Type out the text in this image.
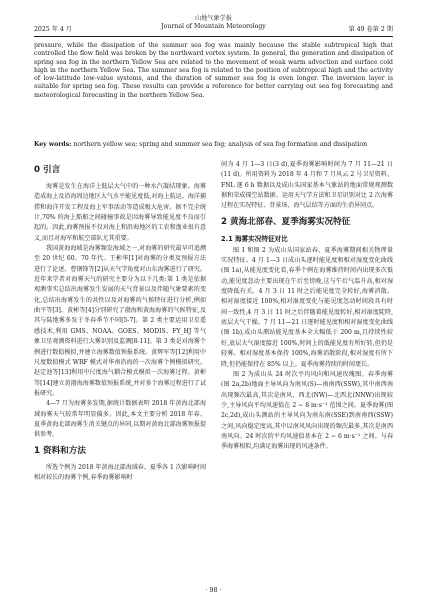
2025 年 4 月
山地气象学报
Journal of Mountain Meteorology	第 49 卷第 2 期

pressure, while the dissipation of the summer sea fog was mainly because the stable subtropical high that controlled the flow field was broken by the northward vortex system. In general, the generation and dissipation of spring sea fog in the northern Yellow Sea are related to the movement of weak warm advection and surface cold high in the northern Yellow Sea. The summer sea fog is related to the position of subtropical high and the activity of low-latitude low-value systems, and the duration of summer sea fog is even longer. The inversion layer is suitable for spring sea fog. These results can provide a reference for better carrying out sea fog forecasting and meteorological forecasting in the northern Yellow Sea.

Key words: northern yellow sea; spring and summer sea fog; analysis of sea fog formation and dissipation
0 引言

海雾是发生在海洋上低层大气中的一种水汽凝结现象。海雾造成海上及沿海周边地区大气水平能见度低,对海上航运、海洋捕捞和海洋开发工程及海上军事活动等造成极大危害。据不完全统计,70% 的海上船舶之间碰撞事故是因海雾导致能见度不良而引起的。因此,海雾预报不仅对海上和沿海地区的工农和渔业很有意义,而且对海军和航空部队尤其重要。

我国黄海海域是海雾频发海域之一,对海雾的研究最早可追溯至 20 世纪 60、70 年代。王彬华[1]对海雾的分类及预报方法进行了论述。曹钢锋等[2]从天气学角度对山东海雾进行了研究。近年来学者对海雾天气的研究主要分为以下几类:第 1 类是依据观测事实总结出海雾发生发展的天气背景以及伴随气象要素的变化,总结出海雾发生的共性以及对海雾的气候特征进行分析,例如曲平等[3]、黄彬等[4]分别研究了渤海和黄海海雾的气候特征,及其与陆地雾多发于冬春季节不同[5-7]。第 2 类主要运用卫星遥感技术,利用 GMS、NOAA、GOES、MODIS、FY_HJ 等气象卫星观测资料进行大雾识别及监测[8-11]。第 3 类是对海雾个例进行数值模拟,并建立海雾数值预报系统。黄辉军等[12]利用中尺度数值模式 WRF 模式对华南沿海的一次海雾个例模拟研究。赵定池等[13]利用中尺度海气耦合模式模拟一次海雾过程。黄彬等[14]建立黄渤海海雾数值预报系统,并对多个海雾过程进行了试报研究。

4—7 月为海雾多发期,据统计数据表明 2018 年黄海北部海域海雾天气较常年明显偏多。因此,本文主要分析 2018 年春、夏季黄海北部海雾生消关键点的异同,以期对黄海北部海雾预报提供参考。

1 资料和方法

所选个例为 2018 年黄海北部海域春、夏季各 1 次影响时间相对较长的海雾个例,春季海雾影响时

间为 4 月 1—3 日(3 d),夏季海雾影响时间为 7 月 11—21 日(11 d)。所用资料为 2018 年 4 月和 7 月风云 2 号卫星资料、FNL 逐 6 h 数据以及成山头国家基本气象站的地面常规观测数据和荣成探空站数据。运用天气学方法和卫星识别对比 2 次海雾过程在实况特征、背景场、海气层结等方面的生消异同点。

2 黄海北部春、夏季海雾实况特征
2.1 海雾实况特征对比

图 1 和图 2 为成山头国家站春、夏季海雾期间相关物理量实况特征。4 月 1—3 日成山头逐时能见度和相对湿度变化曲线(图 1a),从能见度变化看,春季个例在海雾维持时间内出现多次低动,能见度忽动主要出现在午后至傍晚,这与午后气温升高,相对湿度降低有关。4 月 3 日 11 时之后能见度完全转好,海雾消散。相对湿度接近 100%,相对湿度变化与能见度忽动时间段具有时间一致性,4 月 3 日 11 时之后伴随着能见度转好,相对湿度陡降,底层大气干燥。7 月 11—21 日逐时能见度和相对湿度变化曲线(图 1b),成山头测站能见度基本全大幅低于 200 m,且持续性较好,底层大气湿度接近 100%,时间上的低能见度有所好转,但仍是轻雾。相对湿度基本保持 100%,海雾消散阶段,相对湿度有所下降,但仍能保持在 85% 以上。夏季海雾持续的时间更长。

图 2 为成山头 24 时次平均风向和风速玫瑰图。春季海雾(图 2a,2b)地面主导风向为南风(S)—南南西(SSW),其中南西南出现频次最高,其次是南风、西北(NW)—北西北(NNW)出现较少,主导风向平均风速值在 2 ~ 8 m·s⁻¹ 范围之间。夏季海雾(图 2c,2d),成山头测站的主导风向为南东南(SSE)到南南西(SSW)之间,风向稳定度高,其中以南风风向出现的频次最多,其次是南西南风向。24 时次的平均风速值基本在 2 ~ 6 m·s⁻¹ 之间。与春季海雾相似,均满足海雾出现的风速条件。

· 98 ·
